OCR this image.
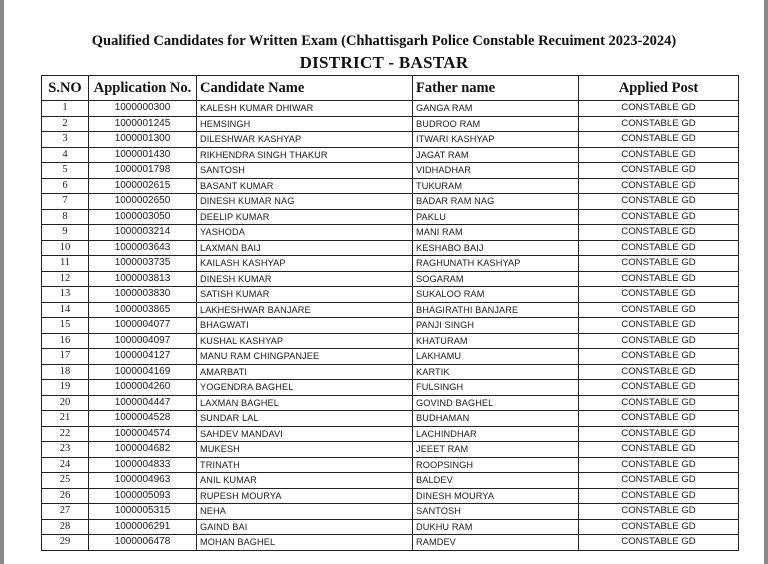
Qualified Candidates for Written Exam (Chhattisgarh Police Constable Recuiment 2023-2024)
DISTRICT - BASTAR
S.NO	Application No.	Candidate Name	Father name	Applied Post
1	1000000300	KALESH KUMAR DHIWAR	GANGA RAM	CONSTABLE GD
2	1000001245	HEMSINGH	BUDROO RAM	CONSTABLE GD
3	1000001300	DILESHWAR KASHYAP	ITWARI KASHYAP	CONSTABLE GD
4	1000001430	RIKHENDRA SINGH THAKUR	JAGAT RAM	CONSTABLE GD
5	1000001798	SANTOSH	VIDHADHAR	CONSTABLE GD
6	1000002615	BASANT KUMAR	TUKURAM	CONSTABLE GD
7	1000002650	DINESH KUMAR NAG	BADAR RAM NAG	CONSTABLE GD
8	1000003050	DEELIP KUMAR	PAKLU	CONSTABLE GD
9	1000003214	YASHODA	MANI RAM	CONSTABLE GD
10	1000003643	LAXMAN BAIJ	KESHABO BAIJ	CONSTABLE GD
11	1000003735	KAILASH KASHYAP	RAGHUNATH KASHYAP	CONSTABLE GD
12	1000003813	DINESH KUMAR	SOGARAM	CONSTABLE GD
13	1000003830	SATISH KUMAR	SUKALOO RAM	CONSTABLE GD
14	1000003865	LAKHESHWAR BANJARE	BHAGIRATHI BANJARE	CONSTABLE GD
15	1000004077	BHAGWATI	PANJI SINGH	CONSTABLE GD
16	1000004097	KUSHAL KASHYAP	KHATURAM	CONSTABLE GD
17	1000004127	MANU RAM CHINGPANJEE	LAKHAMU	CONSTABLE GD
18	1000004169	AMARBATI	KARTIK	CONSTABLE GD
19	1000004260	YOGENDRA BAGHEL	FULSINGH	CONSTABLE GD
20	1000004447	LAXMAN BAGHEL	GOVIND BAGHEL	CONSTABLE GD
21	1000004528	SUNDAR LAL	BUDHAMAN	CONSTABLE GD
22	1000004574	SAHDEV MANDAVI	LACHINDHAR	CONSTABLE GD
23	1000004682	MUKESH	JEEET RAM	CONSTABLE GD
24	1000004833	TRINATH	ROOPSINGH	CONSTABLE GD
25	1000004963	ANIL KUMAR	BALDEV	CONSTABLE GD
26	1000005093	RUPESH MOURYA	DINESH MOURYA	CONSTABLE GD
27	1000005315	NEHA	SANTOSH	CONSTABLE GD
28	1000006291	GAIND BAI	DUKHU RAM	CONSTABLE GD
29	1000006478	MOHAN BAGHEL	RAMDEV	CONSTABLE GD
